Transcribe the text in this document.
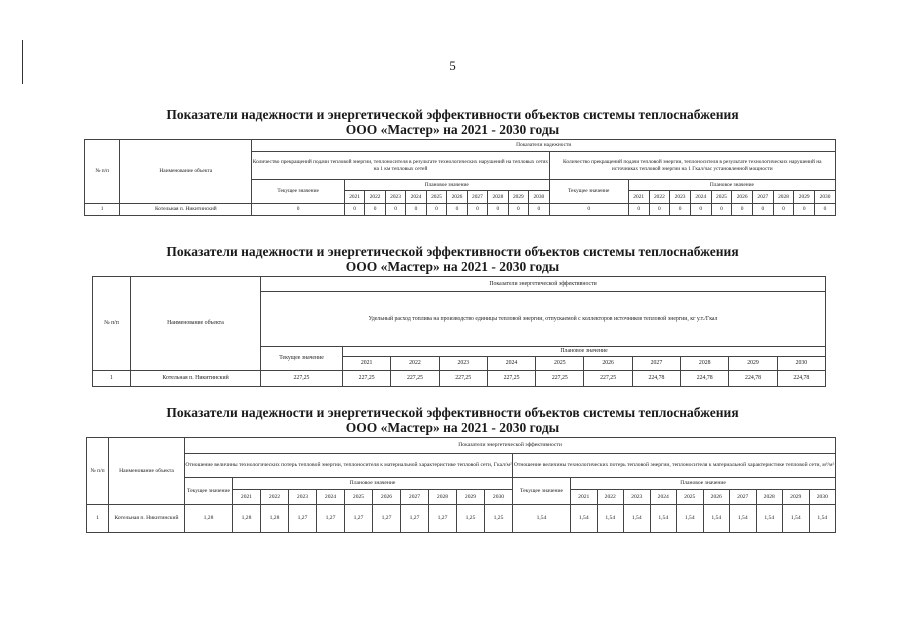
5
Показатели надежности и энергетической эффективности объектов системы теплоснабжения
ООО «Мастер» на 2021 - 2030 годы
№ п/п	Наименование объекта	Показатели надежности																					
		Количество прекращений подачи тепловой энергии, теплоносителя в результате технологических нарушений на тепловых сетях на 1 км тепловых сетей											Количество прекращений подачи тепловой энергии, теплоносителя в результате технологических нарушений на источниках тепловой энергии на 1 Гкал/час установленной мощности										
		Текущее значение	Плановое значение										Текущее значение	Плановое значение									
			2021	2022	2023	2024	2025	2026	2027	2028	2029	2030		2021	2022	2023	2024	2025	2026	2027	2028	2029	2030
1	Котельная п. Никитинский	0	0	0	0	0	0	0	0	0	0	0	0	0	0	0	0	0	0	0	0	0	0
Показатели надежности и энергетической эффективности объектов системы теплоснабжения
ООО «Мастер» на 2021 - 2030 годы
№ п/п	Наименование объекта	Показатели энергетической эффективности										
		Удельный расход топлива на производство единицы тепловой энергии, отпускаемой с коллекторов источников тепловой энергии, кг у.т./Гкал										
		Текущее значение	Плановое значение									
			2021	2022	2023	2024	2025	2026	2027	2028	2029	2030
1	Котельная п. Никитинский	227,25	227,25	227,25	227,25	227,25	227,25	227,25	224,78	224,78	224,78	224,78
Показатели надежности и энергетической эффективности объектов системы теплоснабжения
ООО «Мастер» на 2021 - 2030 годы
№ п/п	Наименование объекта	Показатели энергетической эффективности																					
		Отношение величины технологических потерь тепловой энергии, теплоносителя к материальной характеристике тепловой сети, Гкал/м²											Отношение величины технологических потерь тепловой энергии, теплоносителя к материальной характеристике тепловой сети, м³/м²										
		Текущее значение	Плановое значение										Текущее значение	Плановое значение									
			2021	2022	2023	2024	2025	2026	2027	2028	2029	2030		2021	2022	2023	2024	2025	2026	2027	2028	2029	2030
1	Котельная п. Никитинский	1,28	1,28	1,28	1,27	1,27	1,27	1,27	1,27	1,27	1,25	1,25	1,54	1,54	1,54	1,54	1,54	1,54	1,54	1,54	1,54	1,54	1,54
